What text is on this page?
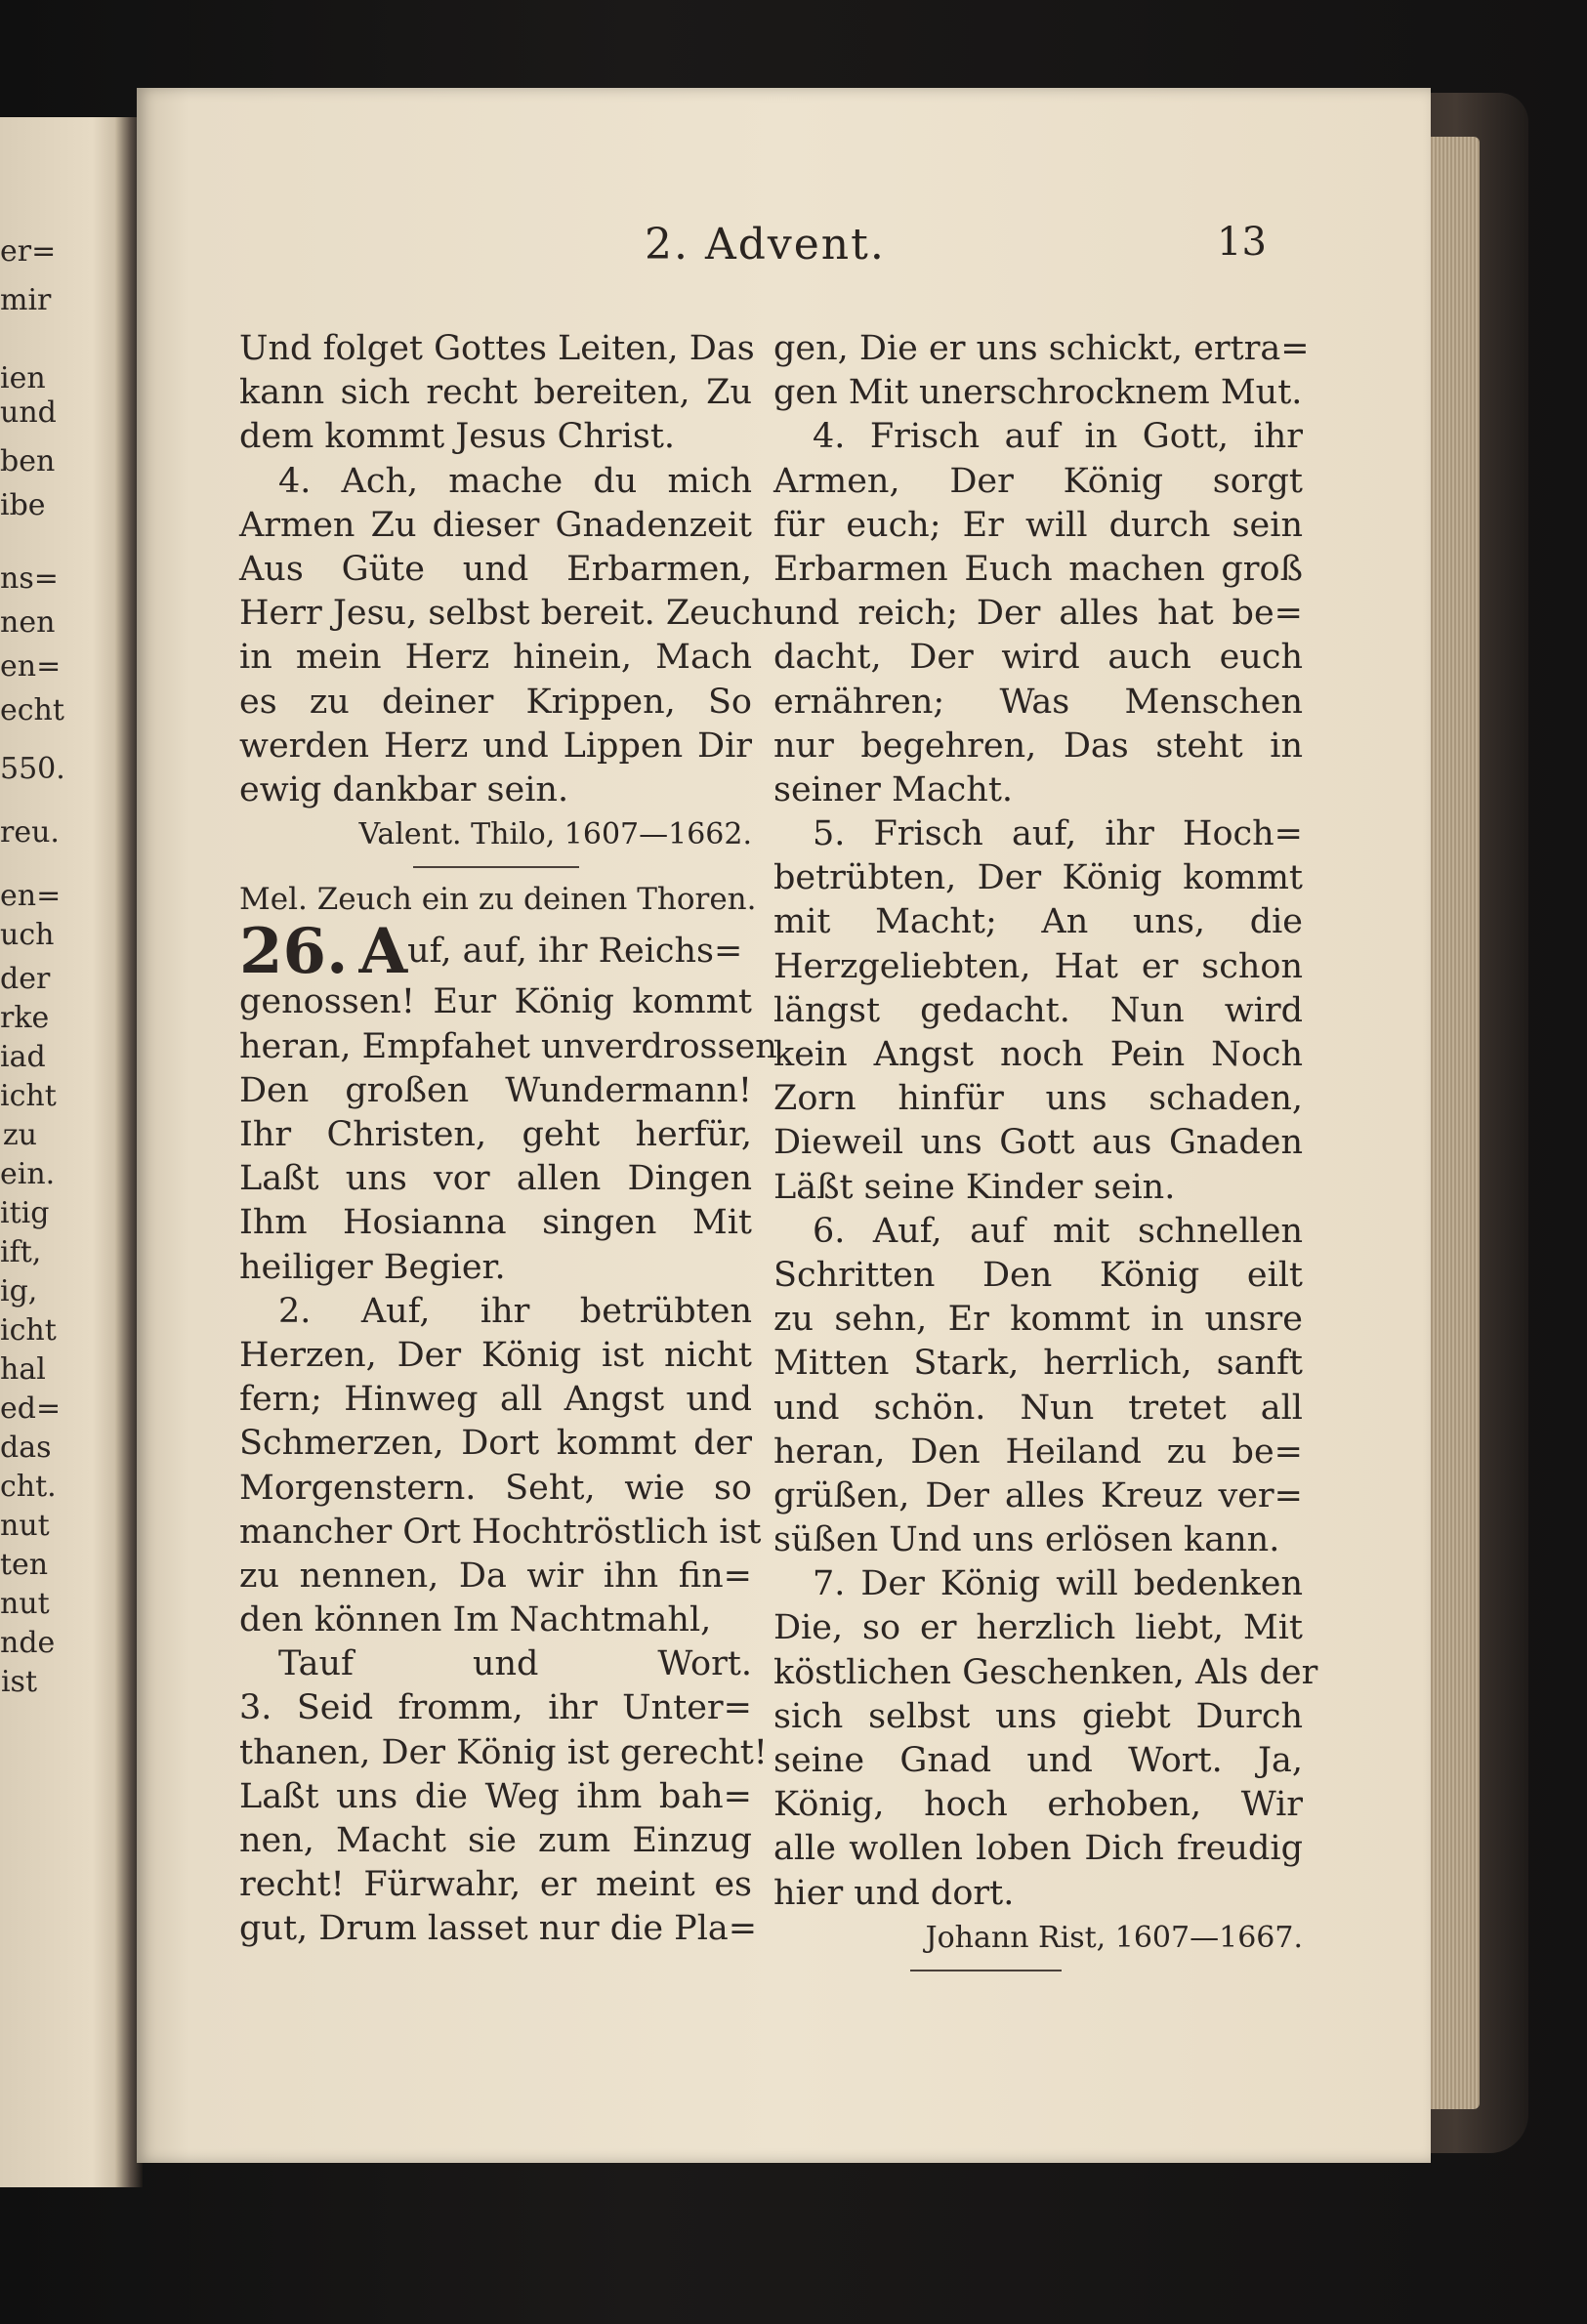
er=
mir
ien
und
ben
ibe
ns=
nen
en=
echt
550.
reu.
en=
uch
der
rke
iad
icht
zu
ein.
itig
ift,
ig,
icht
hal
ed=
das
cht.
nut
ten
nut
nde
ist
2. Advent.	13
Und folget Gottes Leiten, Das
kann sich recht bereiten, Zu
dem kommt Jesus Christ.
4. Ach, mache du mich
Armen Zu dieser Gnadenzeit
Aus Güte und Erbarmen,
Herr Jesu, selbst bereit. Zeuch
in mein Herz hinein, Mach
es zu deiner Krippen, So
werden Herz und Lippen Dir
ewig dankbar sein.
Valent. Thilo, 1607—1662.
Mel. Zeuch ein zu deinen Thoren.
26. Auf, auf, ihr Reichs=
genossen! Eur König kommt
heran, Empfahet unverdrossen
Den großen Wundermann!
Ihr Christen, geht herfür,
Laßt uns vor allen Dingen
Ihm Hosianna singen Mit
heiliger Begier.
2. Auf, ihr betrübten
Herzen, Der König ist nicht
fern; Hinweg all Angst und
Schmerzen, Dort kommt der
Morgenstern. Seht, wie so
mancher Ort Hochtröstlich ist
zu nennen, Da wir ihn fin=
den können Im Nachtmahl,
Tauf und Wort.
3. Seid fromm, ihr Unter=
thanen, Der König ist gerecht!
Laßt uns die Weg ihm bah=
nen, Macht sie zum Einzug
recht! Fürwahr, er meint es
gut, Drum lasset nur die Pla=
gen, Die er uns schickt, ertra=
gen Mit unerschrocknem Mut.
4. Frisch auf in Gott, ihr
Armen, Der König sorgt
für euch; Er will durch sein
Erbarmen Euch machen groß
und reich; Der alles hat be=
dacht, Der wird auch euch
ernähren; Was Menschen
nur begehren, Das steht in
seiner Macht.
5. Frisch auf, ihr Hoch=
betrübten, Der König kommt
mit Macht; An uns, die
Herzgeliebten, Hat er schon
längst gedacht. Nun wird
kein Angst noch Pein Noch
Zorn hinfür uns schaden,
Dieweil uns Gott aus Gnaden
Läßt seine Kinder sein.
6. Auf, auf mit schnellen
Schritten Den König eilt
zu sehn, Er kommt in unsre
Mitten Stark, herrlich, sanft
und schön. Nun tretet all
heran, Den Heiland zu be=
grüßen, Der alles Kreuz ver=
süßen Und uns erlösen kann.
7. Der König will bedenken
Die, so er herzlich liebt, Mit
köstlichen Geschenken, Als der
sich selbst uns giebt Durch
seine Gnad und Wort. Ja,
König, hoch erhoben, Wir
alle wollen loben Dich freudig
hier und dort.
Johann Rist, 1607—1667.
